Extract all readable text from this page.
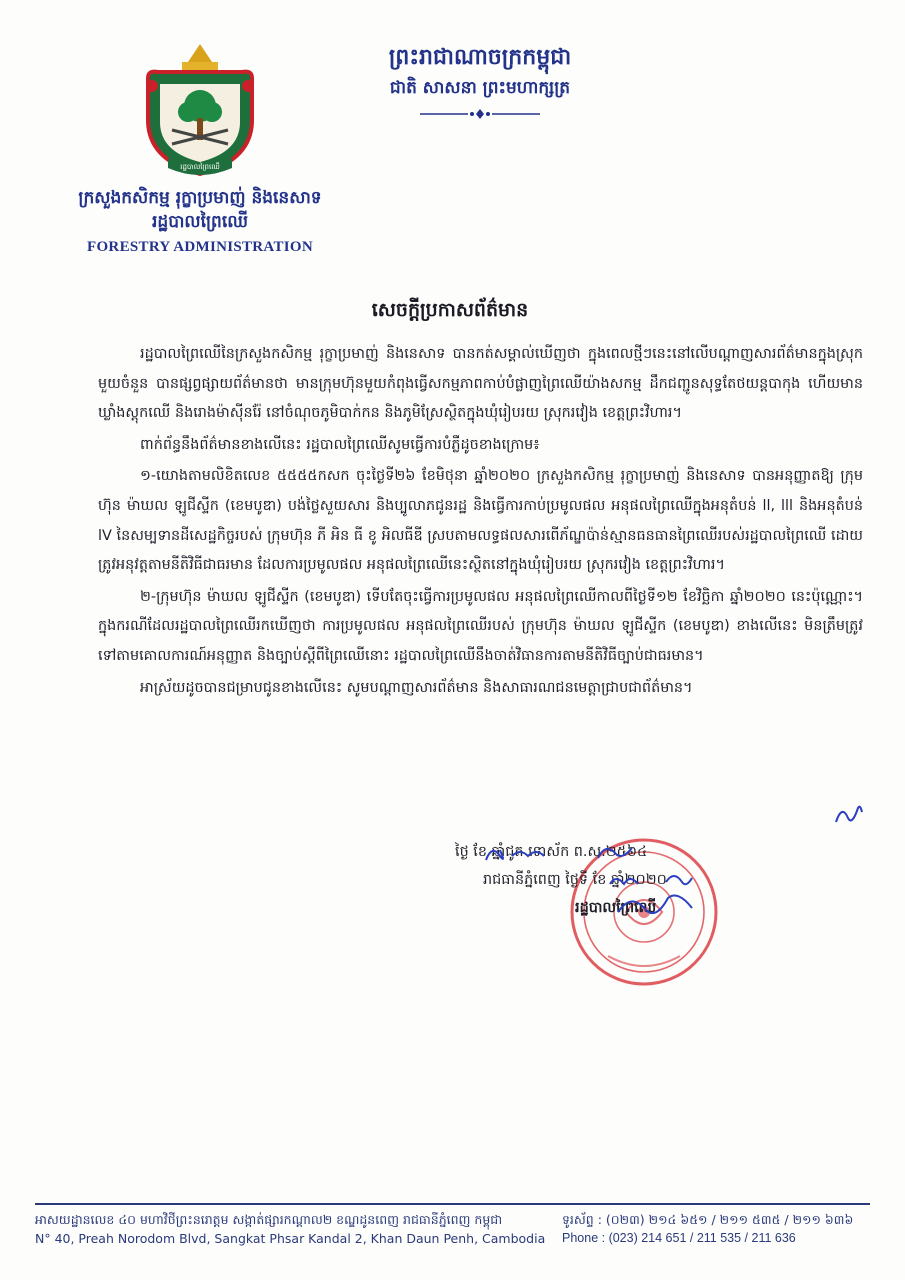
រដ្ឋបាលព្រៃឈើ
ក្រសួងកសិកម្ម រុក្ខាប្រមាញ់ និងនេសាទ
រដ្ឋបាលព្រៃឈើ
FORESTRY ADMINISTRATION
ព្រះរាជាណាចក្រកម្ពុជា
ជាតិ សាសនា ព្រះមហាក្សត្រ
សេចក្តីប្រកាសព័ត៌មាន

រដ្ឋបាលព្រៃឈើនៃក្រសួងកសិកម្ម រុក្ខាប្រមាញ់ និងនេសាទ បានកត់សម្គាល់ឃើញថា ក្នុងពេលថ្មីៗនេះនៅលើបណ្តាញសារព័ត៌មានក្នុងស្រុកមួយចំនួន បានផ្សព្វផ្សាយព័ត៌មានថា មានក្រុមហ៊ុនមួយកំពុងធ្វើសកម្មភាពកាប់បំផ្លាញព្រៃឈើយ៉ាងសកម្ម ដឹកជញ្ជូនសុទ្ធតែថយន្តបាកុង ហើយមានឃ្លាំងស្តុកឈើ និងរោងម៉ាស៊ីនរ៉ែ នៅចំណុចភូមិបាក់កន និងភូមិស្រែស្ថិតក្នុងឃុំរៀបរយ ស្រុករវៀង ខេត្តព្រះវិហារ។

ពាក់ព័ន្ធនឹងព័ត៌មានខាងលើនេះ រដ្ឋបាលព្រៃឈើសូមធ្វើការបំភ្លឺដូចខាងក្រោម៖

១-យោងតាមលិខិតលេខ ៥៥៥៥កសក ចុះថ្ងៃទី២៦ ខែមិថុនា ឆ្នាំ២០២០ ក្រសួងកសិកម្ម រុក្ខាប្រមាញ់ និងនេសាទ បានអនុញ្ញាតឱ្យ ក្រុមហ៊ុន ម៉ាឃល ឡូជីស្ទីក (ខេមបូឌា) បង់ថ្លៃសួយសារ និងប្បូលាភជូនរដ្ឋ និងធ្វើការកាប់ប្រមូលផល អនុផលព្រៃឈើក្នុងអនុតំបន់ ll, lll និងអនុតំបន់ lV នៃសម្បទានដីសេដ្ឋកិច្ចរបស់ ក្រុមហ៊ុន ភី អិន ធី ខូ អិលធីឌី ស្របតាមលទ្ធផលសារពើភ័ណ្ឌប៉ាន់ស្មានធនធានព្រៃឈើរបស់រដ្ឋបាលព្រៃឈើ ដោយត្រូវអនុវត្តតាមនីតិវិធីជាធរមាន ដែលការប្រមូលផល អនុផលព្រៃឈើនេះស្ថិតនៅក្នុងឃុំរៀបរយ ស្រុករវៀង ខេត្តព្រះវិហារ។

២-ក្រុមហ៊ុន ម៉ាឃល ឡូជីស្ទីក (ខេមបូឌា) ទើបតែចុះធ្វើការប្រមូលផល អនុផលព្រៃឈើកាលពីថ្ងៃទី១២ ខែវិច្ឆិកា ឆ្នាំ២០២០ នេះប៉ុណ្ណោះ។ ក្នុងករណីដែលរដ្ឋបាលព្រៃឈើរកឃើញថា ការប្រមូលផល អនុផលព្រៃឈើរបស់ ក្រុមហ៊ុន ម៉ាឃល ឡូជីស្ទីក (ខេមបូឌា) ខាងលើនេះ មិនត្រឹមត្រូវទៅតាមគោលការណ៍អនុញ្ញាត និងច្បាប់ស្តីពីព្រៃឈើនោះ រដ្ឋបាលព្រៃឈើនឹងចាត់វិធានការតាមនីតិវិធីច្បាប់ជាធរមាន។

អាស្រ័យដូចបានជម្រាបជូនខាងលើនេះ សូមបណ្តាញសារព័ត៌មាន និងសាធារណជនមេត្តាជ្រាបជាព័ត៌មាន។

ថ្ងៃ ខែ ឆ្នាំជូត ទោស័ក ព.ស.២៥៦៤
រាជធានីភ្នំពេញ ថ្ងៃទី ខែ ឆ្នាំ២០២០
រដ្ឋបាលព្រៃឈើ
អាសយដ្ឋានលេខ ៤០ មហាវិថីព្រះនរោត្តម សង្កាត់ផ្សារកណ្តាល២ ខណ្ឌដូនពេញ រាជធានីភ្នំពេញ កម្ពុជា
N° 40, Preah Norodom Blvd, Sangkat Phsar Kandal 2, Khan Daun Penh, Cambodia
ទូរស័ព្ទ : (០២៣) ២១៤ ៦៥១ / ២១១ ៥៣៥ / ២១១ ៦៣៦
Phone : (023) 214 651 / 211 535 / 211 636
